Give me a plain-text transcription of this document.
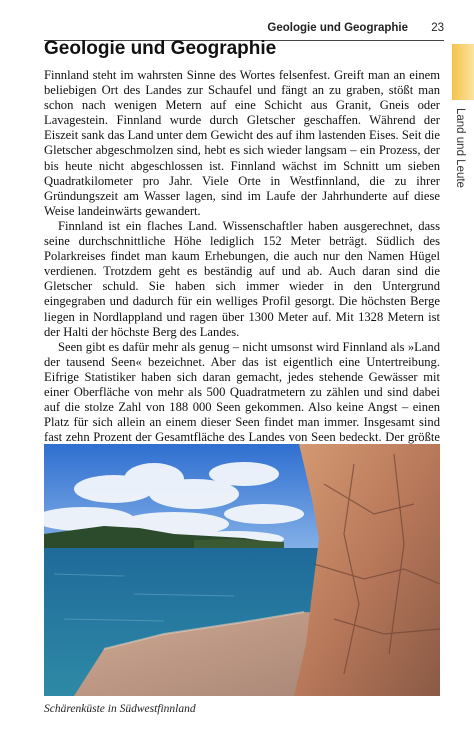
Geologie und Geographie 23
Land und Leute
Geologie und Geographie

Finnland steht im wahrsten Sinne des Wortes felsenfest. Greift man an einem beliebigen Ort des Landes zur Schaufel und fängt an zu graben, stößt man schon nach wenigen Metern auf eine Schicht aus Granit, Gneis oder Lavagestein. Finnland wurde durch Gletscher geschaffen. Während der Eiszeit sank das Land unter dem Gewicht des auf ihm lastenden Eises. Seit die Gletscher abgeschmolzen sind, hebt es sich wieder langsam – ein Prozess, der bis heute nicht abgeschlossen ist. Finnland wächst im Schnitt um sieben Quadratkilometer pro Jahr. Viele Orte in Westfinnland, die zu ihrer Gründungszeit am Wasser lagen, sind im Laufe der Jahrhunderte auf diese Weise landeinwärts gewandert.

Finnland ist ein flaches Land. Wissenschaftler haben ausgerechnet, dass seine durchschnittliche Höhe lediglich 152 Meter beträgt. Südlich des Polarkreises findet man kaum Erhebungen, die auch nur den Namen Hügel verdienen. Trotzdem geht es beständig auf und ab. Auch daran sind die Gletscher schuld. Sie haben sich immer wieder in den Untergrund eingegraben und dadurch für ein welliges Profil gesorgt. Die höchsten Berge liegen in Nordlappland und ragen über 1300 Meter auf. Mit 1328 Metern ist der Halti der höchste Berg des Landes.

Seen gibt es dafür mehr als genug – nicht umsonst wird Finnland als »Land der tausend Seen« bezeichnet. Aber das ist eigentlich eine Untertreibung. Eifrige Statistiker haben sich daran gemacht, jedes stehende Gewässer mit einer Oberfläche von mehr als 500 Quadratmetern zu zählen und sind dabei auf die stolze Zahl von 188 000 Seen gekommen. Also keine Angst – einen Platz für sich allein an einem dieser Seen findet man immer. Insgesamt sind fast zehn Prozent der Gesamtfläche des Landes von Seen bedeckt. Der größte

Schärenküste in Südwestfinnland
